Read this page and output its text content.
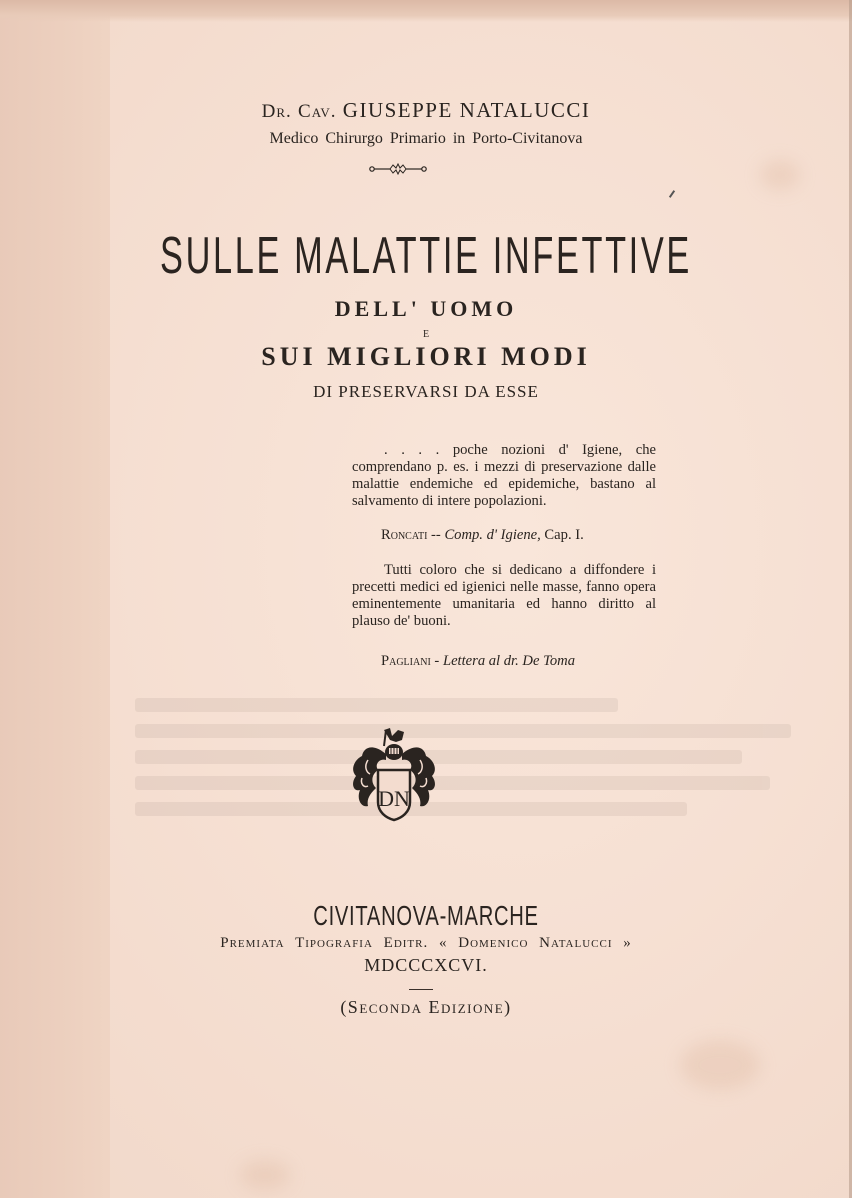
Dr. Cav. GIUSEPPE NATALUCCI
Medico Chirurgo Primario in Porto-Civitanova
SULLE MALATTIE INFETTIVE
DELL' UOMO
E
SUI MIGLIORI MODI
DI PRESERVARSI DA ESSE

. . . . poche nozioni d' Igiene, che comprendano p. es. i mezzi di preservazione dalle malattie endemiche ed epidemiche, bastano al salvamento di intere popolazioni.

Roncati -- Comp. d' Igiene, Cap. I.

Tutti coloro che si dedicano a diffondere i precetti medici ed igienici nelle masse, fanno opera eminentemente umanitaria ed hanno diritto al plauso de' buoni.

Pagliani - Lettera al dr. De Toma
DN
CIVITANOVA-MARCHE
Premiata Tipografia Editr. « Domenico Natalucci »
MDCCCXCVI.
(Seconda Edizione)
